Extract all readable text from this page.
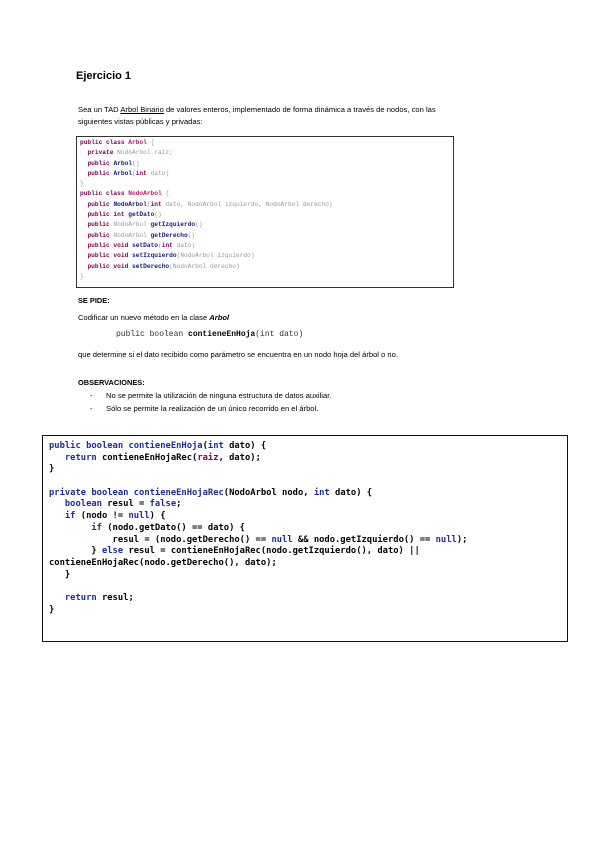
Ejercicio 1

Sea un TAD Arbol Binario de valores enteros, implementado de forma dinámica a través de nodos, con las siguientes vistas públicas y privadas:

public class Arbol {
private NodoArbol raiz;
public Arbol()
public Arbol(int dato)
}
public class NodoArbol {
public NodoArbol(int dato, NodoArbol izquierdo, NodoArbol derecho)
public int getDato()
public NodoArbol getIzquierdo()
public NodoArbol getDerecho()
public void setDato(int dato)
public void setIzquierdo(NodoArbol izquierdo)
public void setDerecho(NodoArbol derecho)
}

SE PIDE:

Codificar un nuevo método en la clase Arbol

public boolean contieneEnHoja(int dato)

que determine si el dato recibido como parámetro se encuentra en un nodo hoja del árbol o no.

OBSERVACIONES:

- No se permite la utilización de ninguna estructura de datos auxiliar.
- Sólo se permite la realización de un único recorrido en el árbol.
public boolean contieneEnHoja(int dato) {
return contieneEnHojaRec(raiz, dato);
}

private boolean contieneEnHojaRec(NodoArbol nodo, int dato) {
boolean resul = false;
if (nodo != null) {
if (nodo.getDato() == dato) {
resul = (nodo.getDerecho() == null && nodo.getIzquierdo() == null);
} else resul = contieneEnHojaRec(nodo.getIzquierdo(), dato) ||
contieneEnHojaRec(nodo.getDerecho(), dato);
}

return resul;
}
